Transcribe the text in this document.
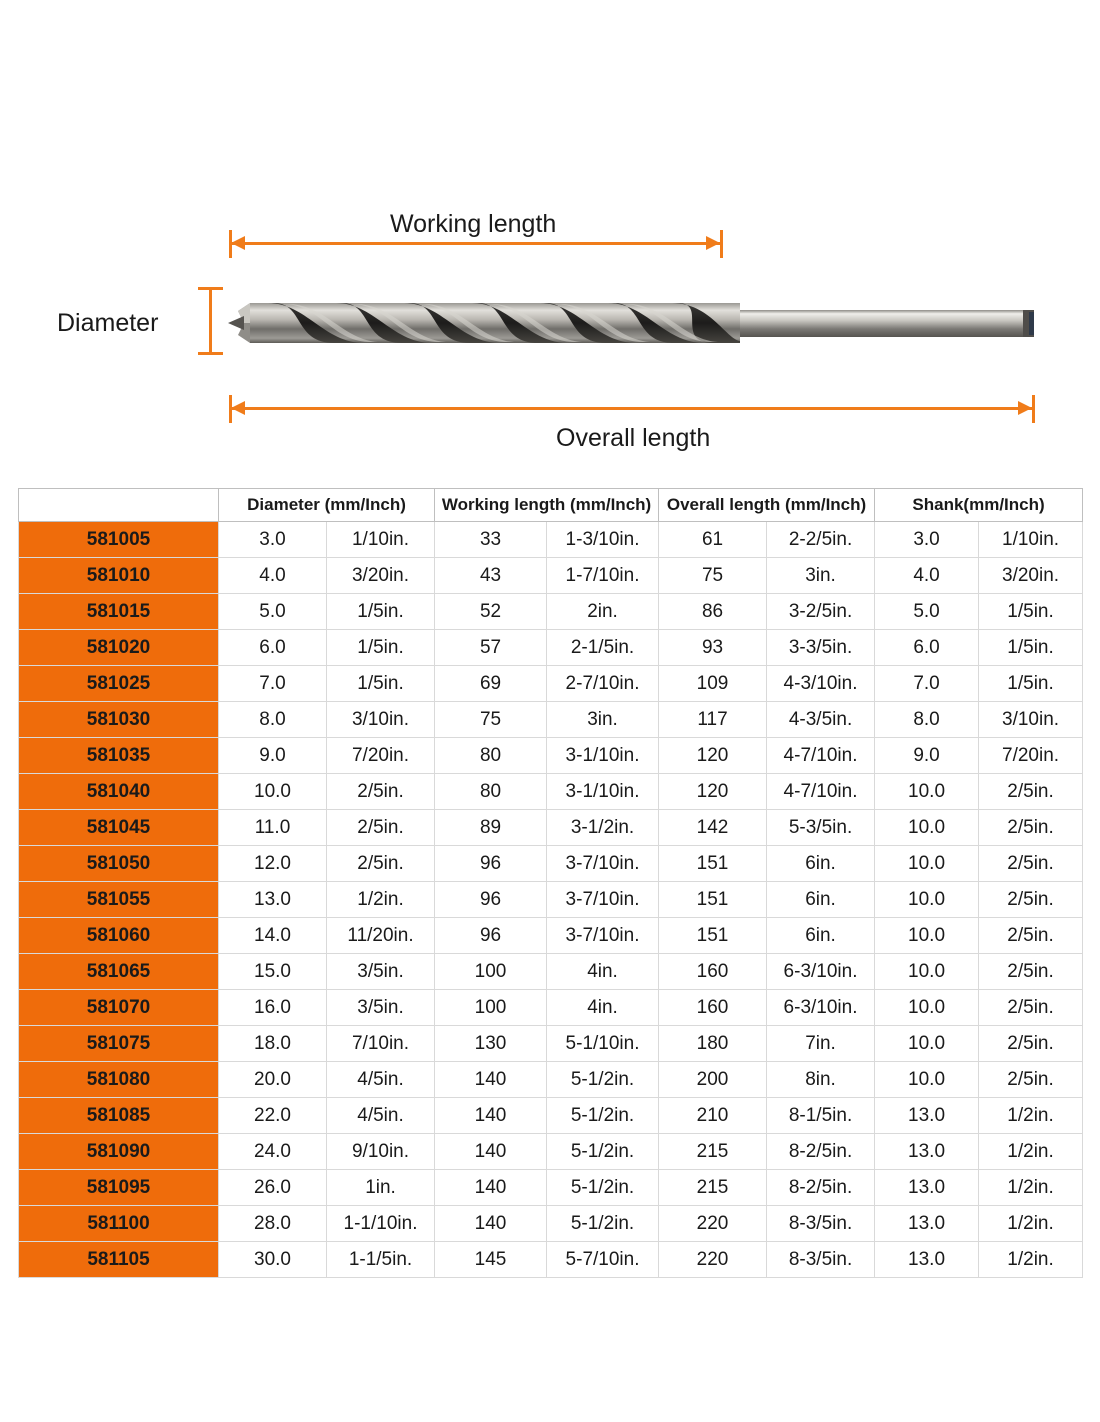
Working length
Overall length
Diameter
Item No.	Diameter (mm/Inch)		Working length (mm/Inch)		Overall length (mm/Inch)		Shank(mm/Inch)	
581005	3.0	1/10in.	33	1-3/10in.	61	2-2/5in.	3.0	1/10in.
581010	4.0	3/20in.	43	1-7/10in.	75	3in.	4.0	3/20in.
581015	5.0	1/5in.	52	2in.	86	3-2/5in.	5.0	1/5in.
581020	6.0	1/5in.	57	2-1/5in.	93	3-3/5in.	6.0	1/5in.
581025	7.0	1/5in.	69	2-7/10in.	109	4-3/10in.	7.0	1/5in.
581030	8.0	3/10in.	75	3in.	117	4-3/5in.	8.0	3/10in.
581035	9.0	7/20in.	80	3-1/10in.	120	4-7/10in.	9.0	7/20in.
581040	10.0	2/5in.	80	3-1/10in.	120	4-7/10in.	10.0	2/5in.
581045	11.0	2/5in.	89	3-1/2in.	142	5-3/5in.	10.0	2/5in.
581050	12.0	2/5in.	96	3-7/10in.	151	6in.	10.0	2/5in.
581055	13.0	1/2in.	96	3-7/10in.	151	6in.	10.0	2/5in.
581060	14.0	11/20in.	96	3-7/10in.	151	6in.	10.0	2/5in.
581065	15.0	3/5in.	100	4in.	160	6-3/10in.	10.0	2/5in.
581070	16.0	3/5in.	100	4in.	160	6-3/10in.	10.0	2/5in.
581075	18.0	7/10in.	130	5-1/10in.	180	7in.	10.0	2/5in.
581080	20.0	4/5in.	140	5-1/2in.	200	8in.	10.0	2/5in.
581085	22.0	4/5in.	140	5-1/2in.	210	8-1/5in.	13.0	1/2in.
581090	24.0	9/10in.	140	5-1/2in.	215	8-2/5in.	13.0	1/2in.
581095	26.0	1in.	140	5-1/2in.	215	8-2/5in.	13.0	1/2in.
581100	28.0	1-1/10in.	140	5-1/2in.	220	8-3/5in.	13.0	1/2in.
581105	30.0	1-1/5in.	145	5-7/10in.	220	8-3/5in.	13.0	1/2in.
